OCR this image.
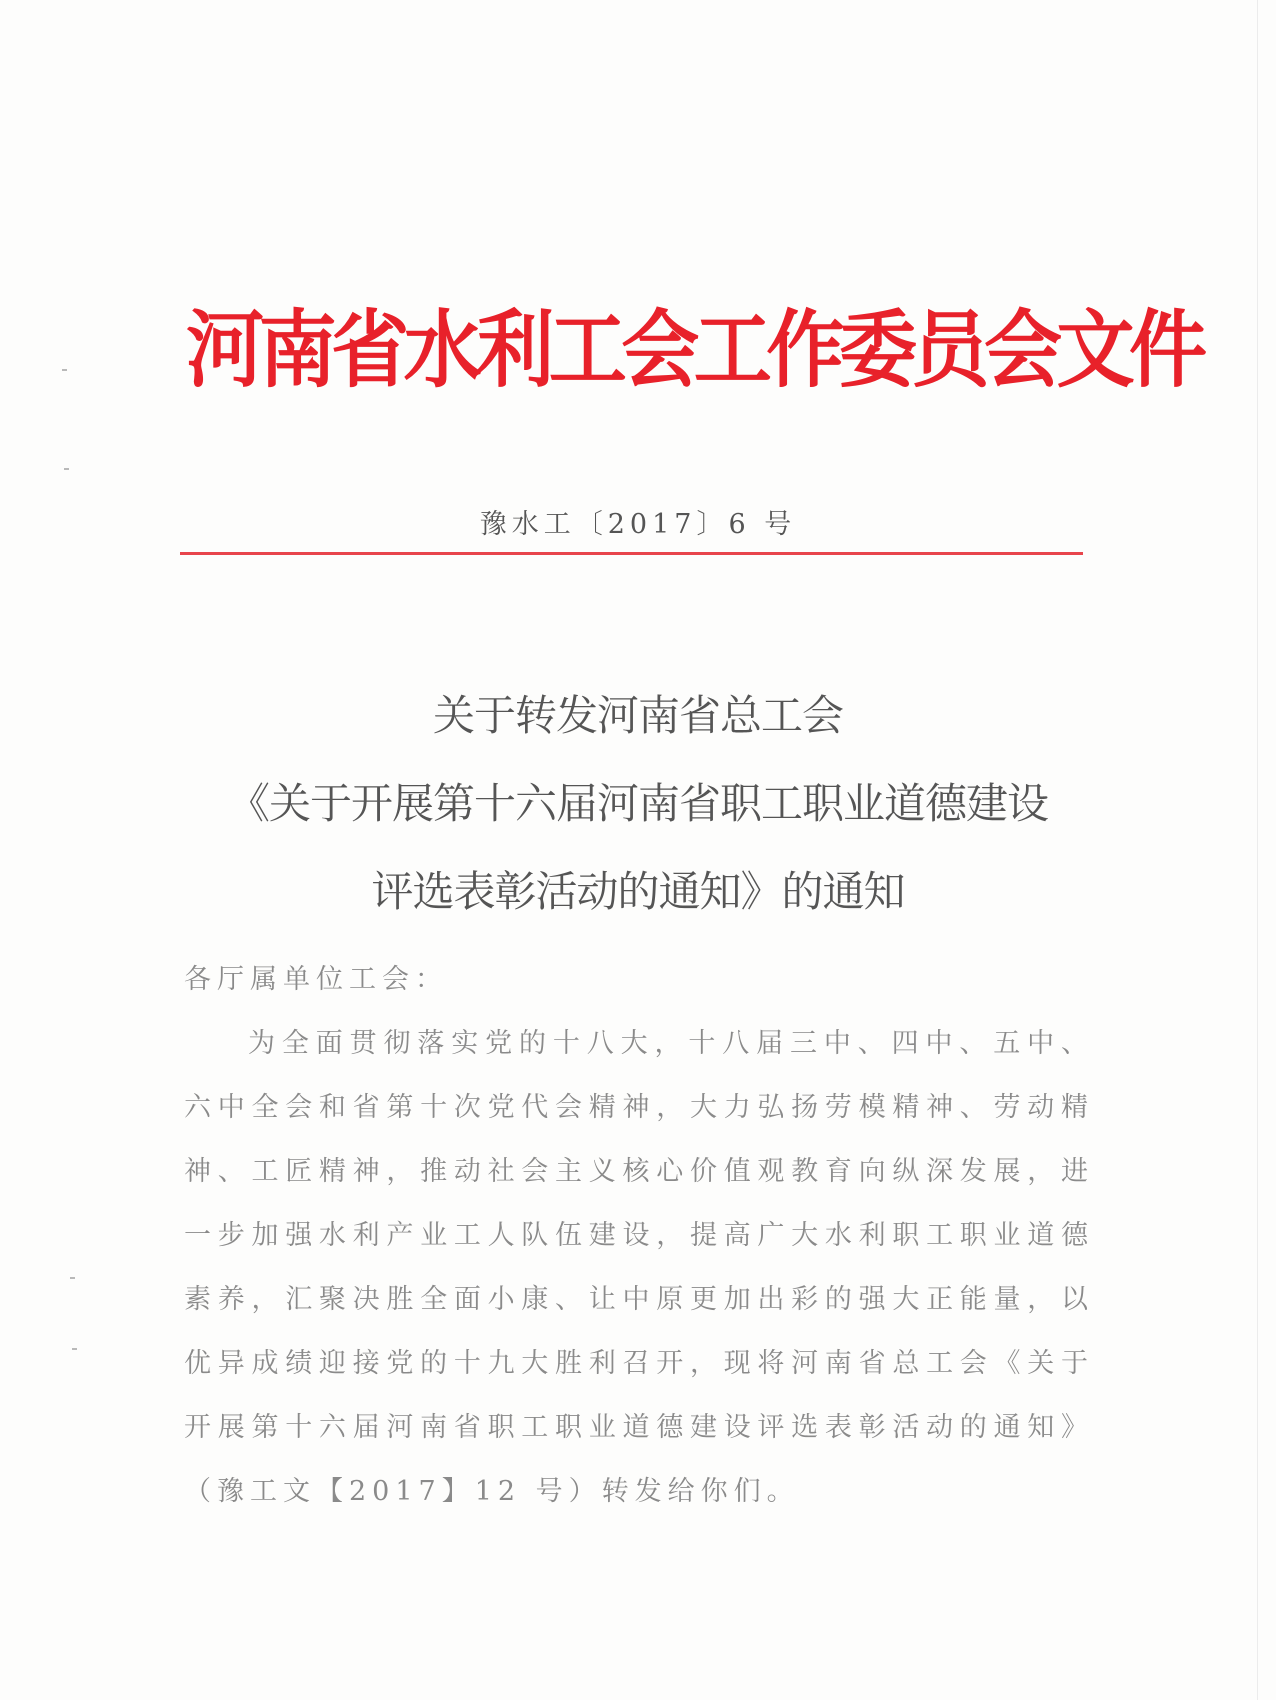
河南省水利工会工作委员会文件
豫水工〔2017〕6 号
关于转发河南省总工会
《关于开展第十六届河南省职工职业道德建设
评选表彰活动的通知》的通知
各厅属单位工会：
为全面贯彻落实党的十八大，十八届三中、四中、五中、六中全会和省第十次党代会精神，大力弘扬劳模精神、劳动精神、工匠精神，推动社会主义核心价值观教育向纵深发展，进一步加强水利产业工人队伍建设，提高广大水利职工职业道德素养，汇聚决胜全面小康、让中原更加出彩的强大正能量，以优异成绩迎接党的十九大胜利召开，现将河南省总工会《关于开展第十六届河南省职工职业道德建设评选表彰活动的通知》（豫工文【2017】12 号）转发给你们。
